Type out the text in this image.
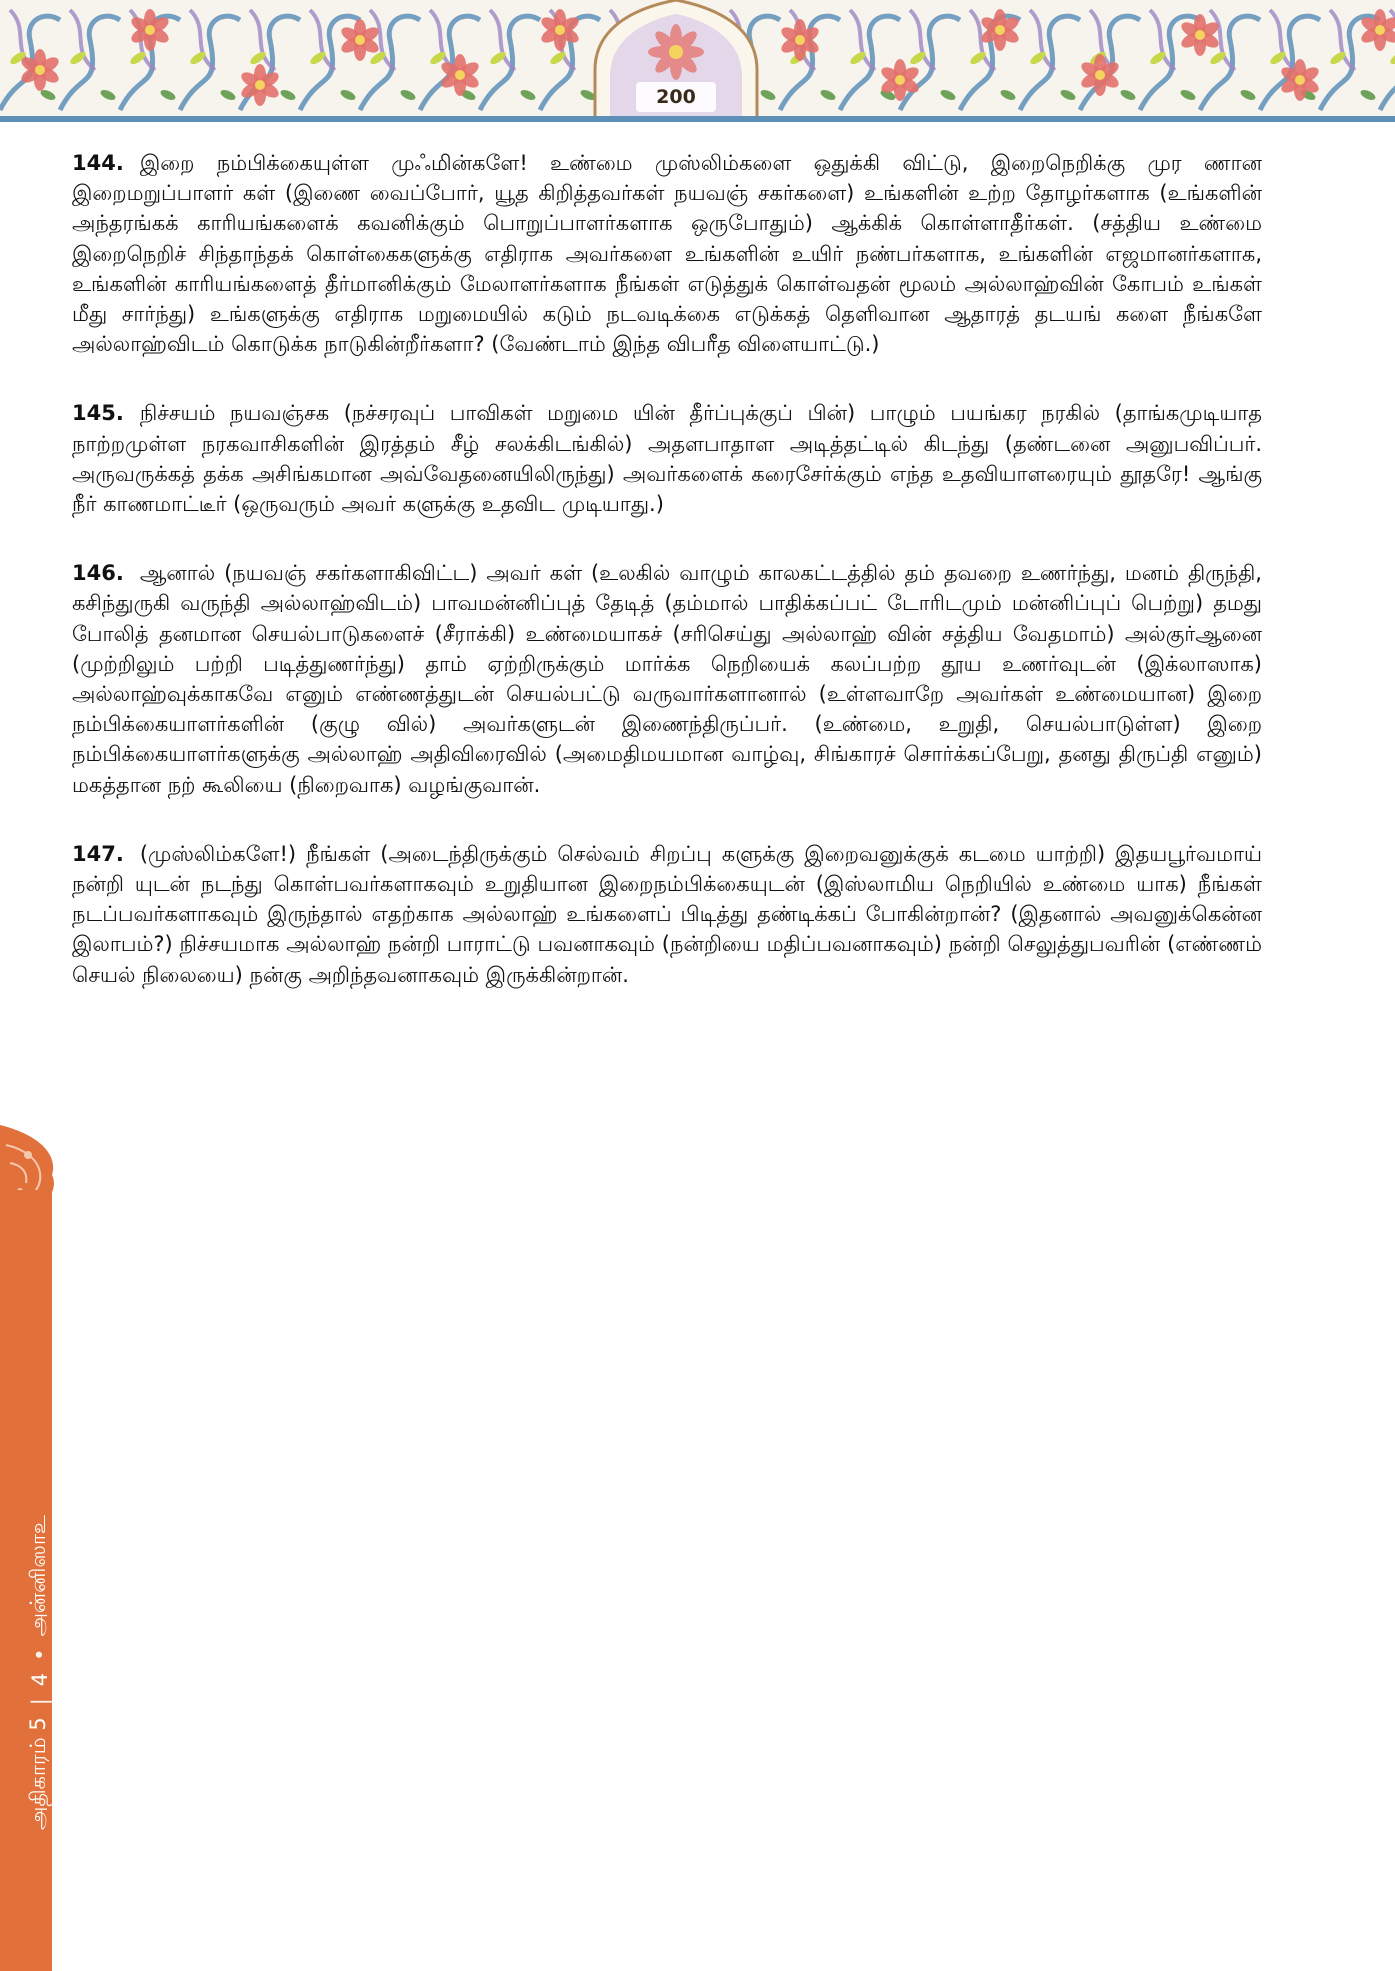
200
அதிகாரம் 5
|
4
•
அன்னிஸாஉ

144. இறை நம்பிக்கையுள்ள முஃமின்களே! உண்மை முஸ்லிம்களை ஒதுக்கி விட்டு, இறைநெறிக்கு முர ணான இறைமறுப்பாளர் கள் (இணை வைப்போர், யூத கிறித்தவர்கள் நயவஞ் சகர்களை) உங்களின் உற்ற தோழர்களாக (உங்களின் அந்தரங்கக் காரியங்களைக் கவனிக்கும் பொறுப்பாளர்களாக ஒருபோதும்) ஆக்கிக் கொள்ளாதீர்கள். (சத்திய உண்மை இறைநெறிச் சிந்தாந்தக் கொள்கைகளுக்கு எதிராக அவர்களை உங்களின் உயிர் நண்பர்களாக, உங்களின் எஜமானர்களாக, உங்களின் காரியங்களைத் தீர்மானிக்கும் மேலாளர்களாக நீங்கள் எடுத்துக் கொள்வதன் மூலம் அல்லாஹ்வின் கோபம் உங்கள் மீது சார்ந்து) உங்களுக்கு எதிராக மறுமையில் கடும் நடவடிக்கை எடுக்கத் தெளிவான ஆதாரத் தடயங் களை நீங்களே அல்லாஹ்விடம் கொடுக்க நாடுகின்றீர்களா? (வேண்டாம் இந்த விபரீத விளையாட்டு.)

145. நிச்சயம் நயவஞ்சக (நச்சரவுப் பாவிகள் மறுமை யின் தீர்ப்புக்குப் பின்) பாழும் பயங்கர நரகில் (தாங்கமுடியாத நாற்றமுள்ள நரகவாசிகளின் இரத்தம் சீழ் சலக்கிடங்கில்) அதளபாதாள அடித்தட்டில் கிடந்து (தண்டனை அனுபவிப்பர். அருவருக்கத் தக்க அசிங்கமான அவ்வேதனையிலிருந்து) அவர்களைக் கரைசேர்க்கும் எந்த உதவியாளரையும் தூதரே! ஆங்கு நீர் காணமாட்டீர் (ஒருவரும் அவர் களுக்கு உதவிட முடியாது.)

146. ஆனால் (நயவஞ் சகர்களாகிவிட்ட) அவர் கள் (உலகில் வாழும் காலகட்டத்தில் தம் தவறை உணர்ந்து, மனம் திருந்தி, கசிந்துருகி வருந்தி அல்லாஹ்விடம்) பாவமன்னிப்புத் தேடித் (தம்மால் பாதிக்கப்பட் டோரிடமும் மன்னிப்புப் பெற்று) தமது போலித் தனமான செயல்பாடுகளைச் (சீராக்கி) உண்மையாகச் (சரிசெய்து அல்லாஹ் வின் சத்திய வேதமாம்) அல்குர்ஆனை (முற்றிலும் பற்றி படித்துணர்ந்து) தாம் ஏற்றிருக்கும் மார்க்க நெறியைக் கலப்பற்ற தூய உணர்வுடன் (இக்லாஸாக) அல்லாஹ்வுக்காகவே எனும் எண்ணத்துடன் செயல்பட்டு வருவார்களானால் (உள்ளவாறே அவர்கள் உண்மையான) இறை நம்பிக்கையாளர்களின் (குழு வில்) அவர்களுடன் இணைந்திருப்பர். (உண்மை, உறுதி, செயல்பாடுள்ள) இறை நம்பிக்கையாளர்களுக்கு அல்லாஹ் அதிவிரைவில் (அமைதிமயமான வாழ்வு, சிங்காரச் சொர்க்கப்பேறு, தனது திருப்தி எனும்) மகத்தான நற் கூலியை (நிறைவாக) வழங்குவான்.

147. (முஸ்லிம்களே!) நீங்கள் (அடைந்திருக்கும் செல்வம் சிறப்பு களுக்கு இறைவனுக்குக் கடமை யாற்றி) இதயபூர்வமாய் நன்றி யுடன் நடந்து கொள்பவர்களாகவும் உறுதியான இறைநம்பிக்கையுடன் (இஸ்லாமிய நெறியில் உண்மை யாக) நீங்கள் நடப்பவர்களாகவும் இருந்தால் எதற்காக அல்லாஹ் உங்களைப் பிடித்து தண்டிக்கப் போகின்றான்? (இதனால் அவனுக்கென்ன இலாபம்?) நிச்சயமாக அல்லாஹ் நன்றி பாராட்டு பவனாகவும் (நன்றியை மதிப்பவனாகவும்) நன்றி செலுத்துபவரின் (எண்ணம் செயல் நிலையை) நன்கு அறிந்தவனாகவும் இருக்கின்றான்.
